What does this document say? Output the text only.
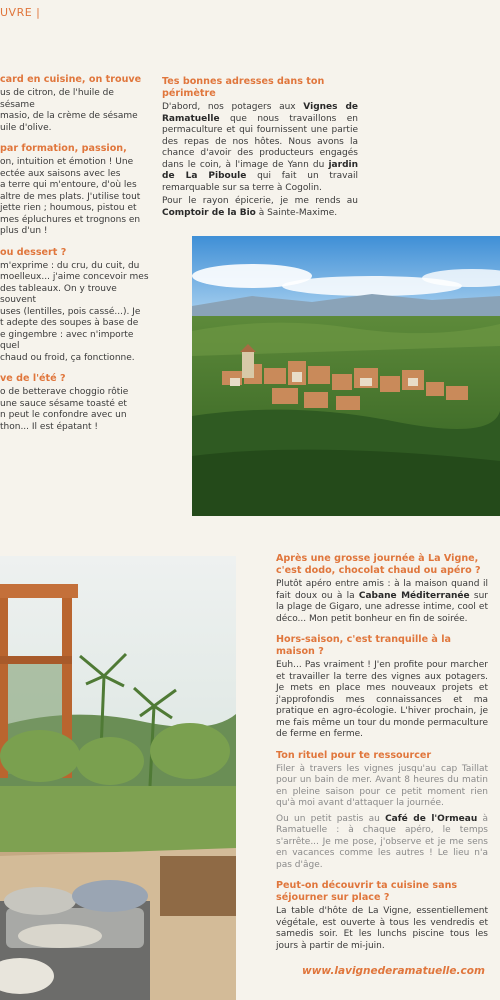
UVRE |
card en cuisine, on trouve

us de citron, de l'huile de sésame
masio, de la crème de sésame
uile d'olive.

par formation, passion,

on, intuition et émotion ! Une
ectée aux saisons avec les
a terre qui m'entoure, d'où les
altre de mes plats. J'utilise tout
jette rien ; houmous, pistou et
mes épluchures et trognons en
plus d'un !

ou dessert ?

m'exprime : du cru, du cuit, du
moelleux... j'aime concevoir mes
des tableaux. On y trouve souvent
uses (lentilles, pois cassé...). Je
t adepte des soupes à base de
e gingembre : avec n'importe quel
chaud ou froid, ça fonctionne.

ve de l'été ?

o de betterave choggio rôtie
une sauce sésame toasté et
n peut le confondre avec un
thon... Il est épatant !

Tes bonnes adresses dans ton périmètre

D'abord, nos potagers aux Vignes de Ramatuelle que nous travaillons en permaculture et qui fournissent une partie des repas de nos hôtes. Nous avons la chance d'avoir des producteurs engagés dans le coin, à l'image de Yann du jardin de La Piboule qui fait un travail remarquable sur sa terre à Cogolin.

Pour le rayon épicerie, je me rends au Comptoir de la Bio à Sainte-Maxime.

Après une grosse journée à La Vigne, c'est dodo, chocolat chaud ou apéro ?

Plutôt apéro entre amis : à la maison quand il fait doux ou à la Cabane Méditerranée sur la plage de Gigaro, une adresse intime, cool et déco... Mon petit bonheur en fin de soirée.

Hors-saison, c'est tranquille à la maison ?

Euh... Pas vraiment ! J'en profite pour marcher et travailler la terre des vignes aux potagers. Je mets en place mes nouveaux projets et j'approfondis mes connaissances et ma pratique en agro-écologie. L'hiver prochain, je me fais même un tour du monde permaculture de ferme en ferme.

Ton rituel pour te ressourcer

Filer à travers les vignes jusqu'au cap Taillat pour un bain de mer. Avant 8 heures du matin en pleine saison pour ce petit moment rien qu'à moi avant d'attaquer la journée.

Ou un petit pastis au Café de l'Ormeau à Ramatuelle : à chaque apéro, le temps s'arrête... Je me pose, j'observe et je me sens en vacances comme les autres ! Le lieu n'a pas d'âge.

Peut-on découvrir ta cuisine sans séjourner sur place ?

La table d'hôte de La Vigne, essentiellement végétale, est ouverte à tous les vendredis et samedis soir. Et les lunchs piscine tous les jours à partir de mi-juin.

www.lavignederamatuelle.com
